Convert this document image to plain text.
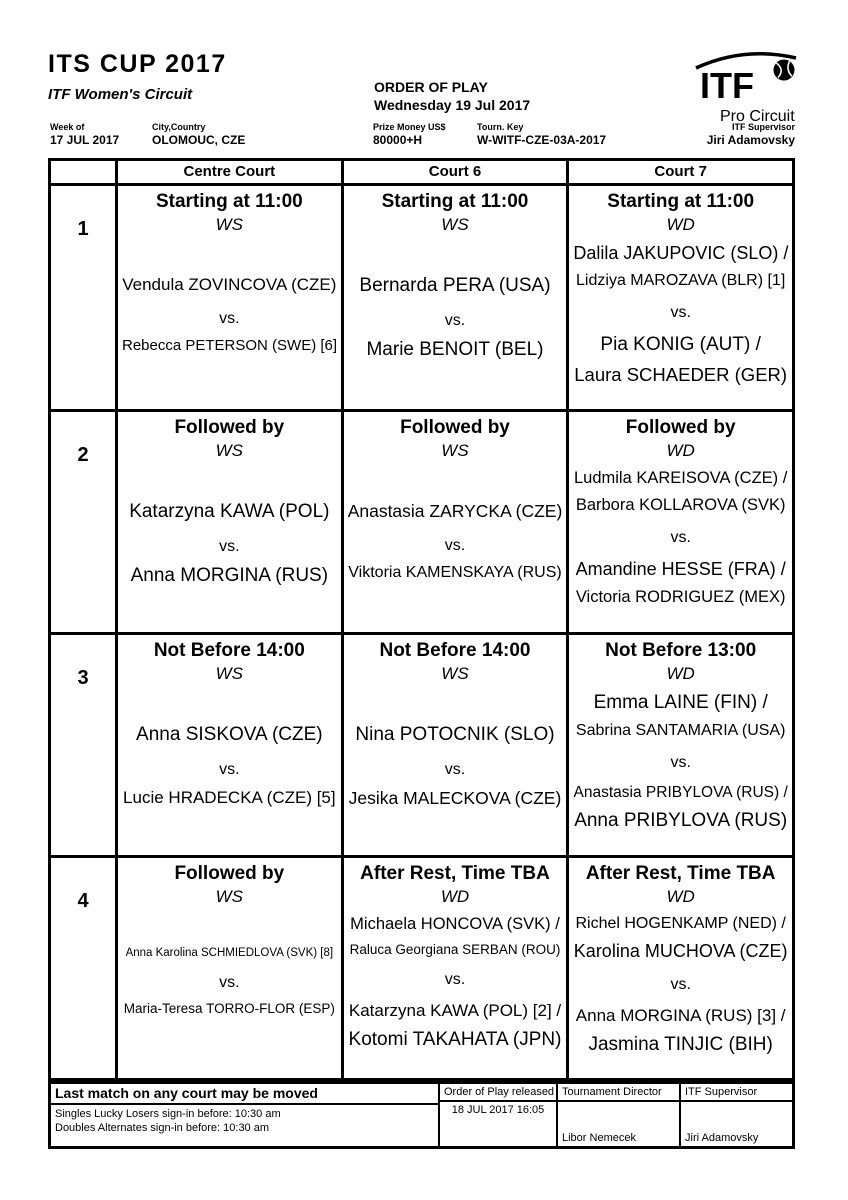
ITS CUP 2017
ITF Women's Circuit	ORDER OF PLAY
Wednesday 19 Jul 2017	ITF
Pro Circuit
Week of
17 JUL 2017
City,Country
OLOMOUC, CZE
Prize Money US$
80000+H
Tourn. Key
W-WITF-CZE-03A-2017
ITF Supervisor
Jiri Adamovsky
Centre Court	Court 6	Court 7
1
Starting at 11:00
WS
Vendula ZOVINCOVA (CZE)
vs.
Rebecca PETERSON (SWE) [6]
Starting at 11:00
WS
Bernarda PERA (USA)
vs.
Marie BENOIT (BEL)
Starting at 11:00
WD
Dalila JAKUPOVIC (SLO) /
Lidziya MAROZAVA (BLR) [1]
vs.
Pia KONIG (AUT) /
Laura SCHAEDER (GER)
2
Followed by
WS
Katarzyna KAWA (POL)
vs.
Anna MORGINA (RUS)
Followed by
WS
Anastasia ZARYCKA (CZE)
vs.
Viktoria KAMENSKAYA (RUS)
Followed by
WD
Ludmila KAREISOVA (CZE) /
Barbora KOLLAROVA (SVK)
vs.
Amandine HESSE (FRA) /
Victoria RODRIGUEZ (MEX)
3
Not Before 14:00
WS
Anna SISKOVA (CZE)
vs.
Lucie HRADECKA (CZE) [5]
Not Before 14:00
WS
Nina POTOCNIK (SLO)
vs.
Jesika MALECKOVA (CZE)
Not Before 13:00
WD
Emma LAINE (FIN) /
Sabrina SANTAMARIA (USA)
vs.
Anastasia PRIBYLOVA (RUS) /
Anna PRIBYLOVA (RUS)
4
Followed by
WS
Anna Karolina SCHMIEDLOVA (SVK) [8]
vs.
Maria-Teresa TORRO-FLOR (ESP)
After Rest, Time TBA
WD
Michaela HONCOVA (SVK) /
Raluca Georgiana SERBAN (ROU)
vs.
Katarzyna KAWA (POL) [2] /
Kotomi TAKAHATA (JPN)
After Rest, Time TBA
WD
Richel HOGENKAMP (NED) /
Karolina MUCHOVA (CZE)
vs.
Anna MORGINA (RUS) [3] /
Jasmina TINJIC (BIH)
Last match on any court may be moved
Singles Lucky Losers sign-in before: 10:30 am
Doubles Alternates sign-in before: 10:30 am
Order of Play released
18 JUL 2017 16:05
Tournament Director
Libor Nemecek
ITF Supervisor
Jiri Adamovsky
